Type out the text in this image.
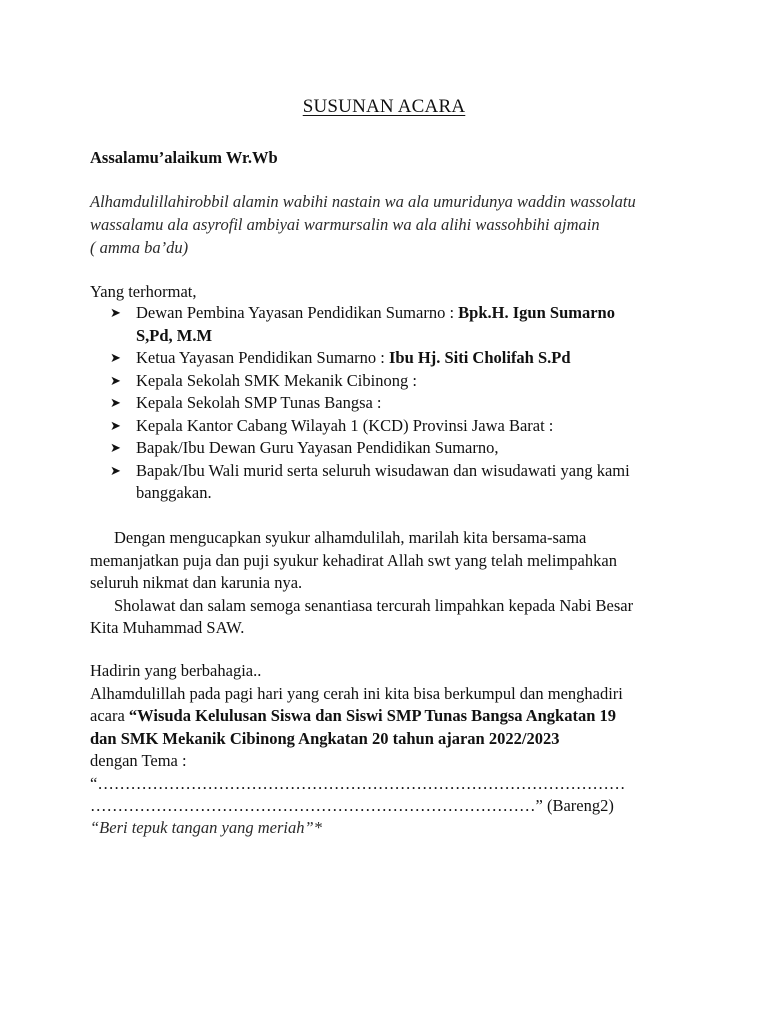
SUSUNAN ACARA
Assalamu’alaikum Wr.Wb
Alhamdulillahirobbil alamin wabihi nastain wa ala umuridunya waddin wassolatu
wassalamu ala asyrofil ambiyai warmursalin wa ala alihi wassohbihi ajmain
( amma ba’du)
Yang terhormat,
➤ Dewan Pembina Yayasan Pendidikan Sumarno : Bpk.H. Igun Sumarno
S,Pd, M.M
➤ Ketua Yayasan Pendidikan Sumarno : Ibu Hj. Siti Cholifah S.Pd
➤ Kepala Sekolah SMK Mekanik Cibinong :
➤ Kepala Sekolah SMP Tunas Bangsa :
➤ Kepala Kantor Cabang Wilayah 1 (KCD) Provinsi Jawa Barat :
➤ Bapak/Ibu Dewan Guru Yayasan Pendidikan Sumarno,
➤ Bapak/Ibu Wali murid serta seluruh wisudawan dan wisudawati yang kami
banggakan.
Dengan mengucapkan syukur alhamdulilah, marilah kita bersama-sama
memanjatkan puja dan puji syukur kehadirat Allah swt yang telah melimpahkan
seluruh nikmat dan karunia nya.
Sholawat dan salam semoga senantiasa tercurah limpahkan kepada Nabi Besar
Kita Muhammad SAW.
Hadirin yang berbahagia..
Alhamdulillah pada pagi hari yang cerah ini kita bisa berkumpul dan menghadiri
acara “Wisuda Kelulusan Siswa dan Siswi SMP Tunas Bangsa Angkatan 19
dan SMK Mekanik Cibinong Angkatan 20 tahun ajaran 2022/2023
dengan Tema :
“……………………………………………………………………………………
………………………………………………………………………” (Bareng2)
“Beri tepuk tangan yang meriah”*
